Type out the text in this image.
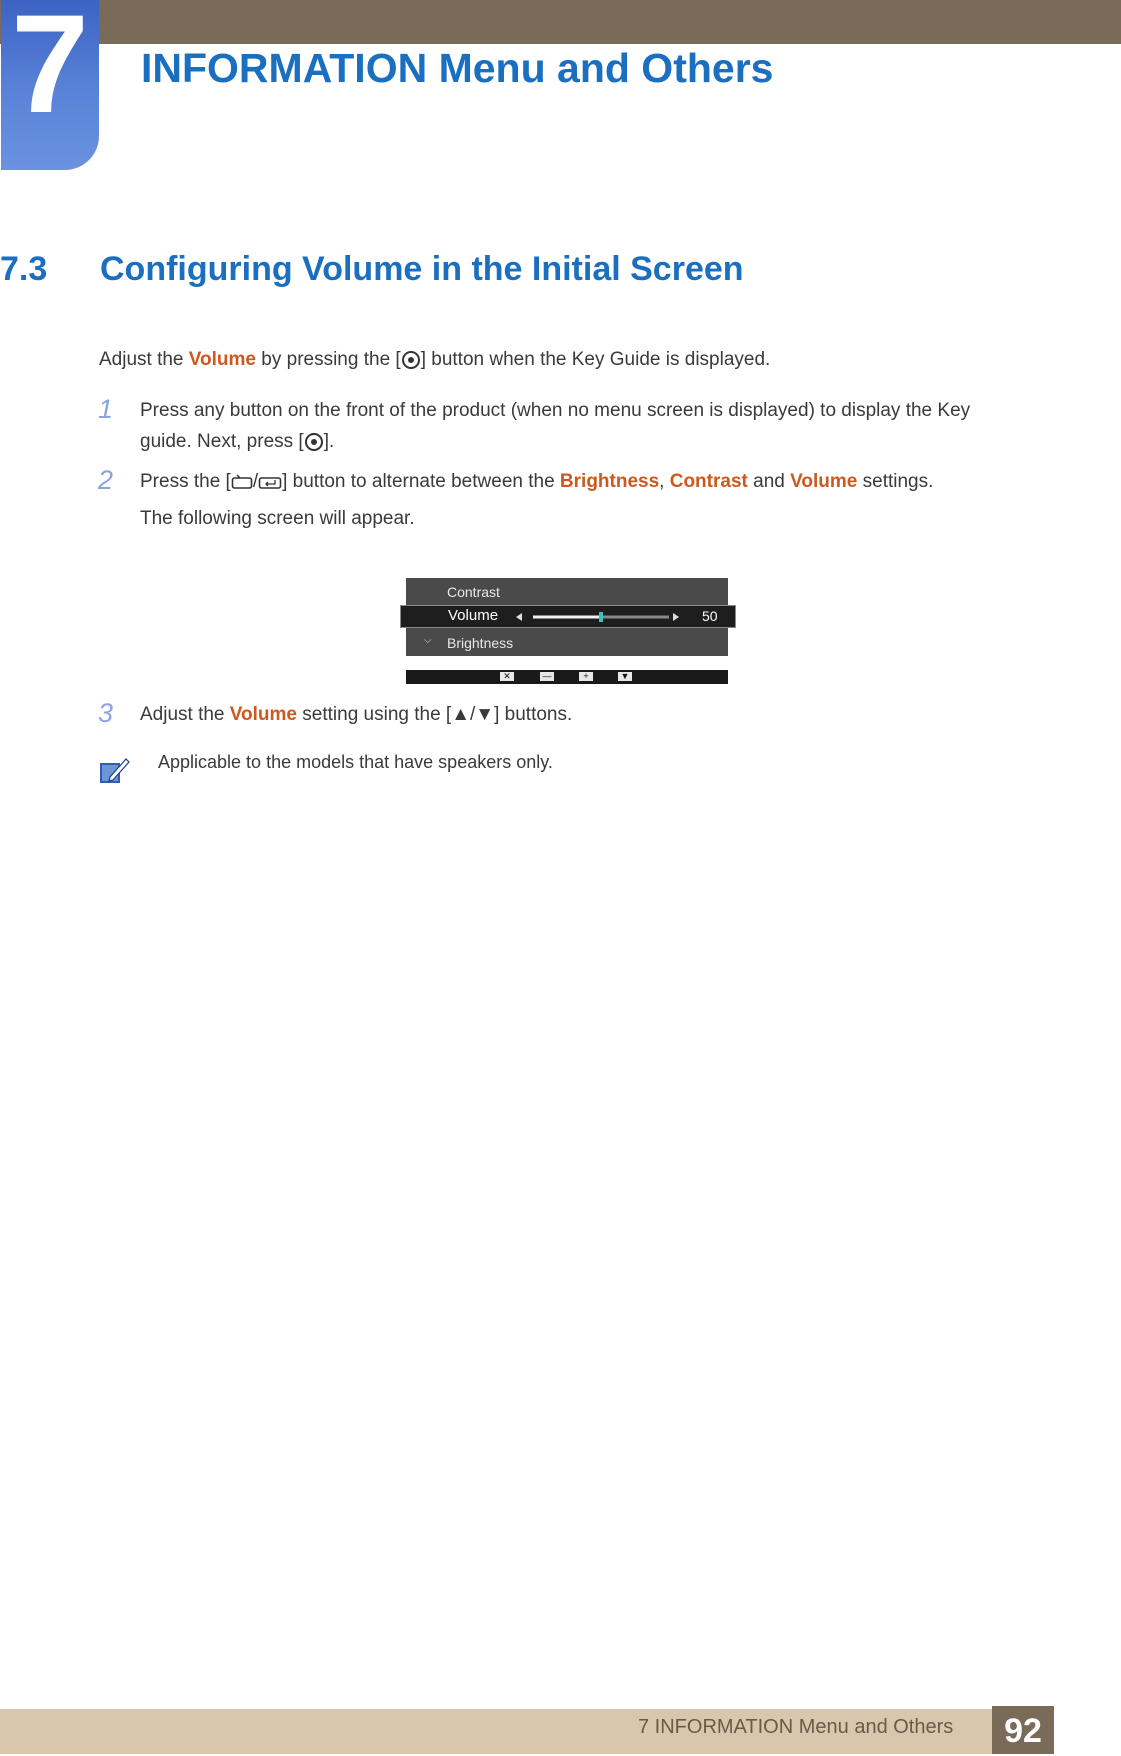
7 INFORMATION Menu and Others
7.3 Configuring Volume in the Initial Screen
Adjust the Volume by pressing the [ ] button when the Key Guide is displayed.
1 Press any button on the front of the product (when no menu screen is displayed) to display the Key
guide. Next, press [ ].
2 Press the [ / ] button to alternate between the Brightness, Contrast and Volume settings.
The following screen will appear.
Contrast
Volume	50
⌵ Brightness
✕	—	+	▼
3 Adjust the Volume setting using the [▲/▼] buttons.
Applicable to the models that have speakers only.
7 INFORMATION Menu and Others	92
